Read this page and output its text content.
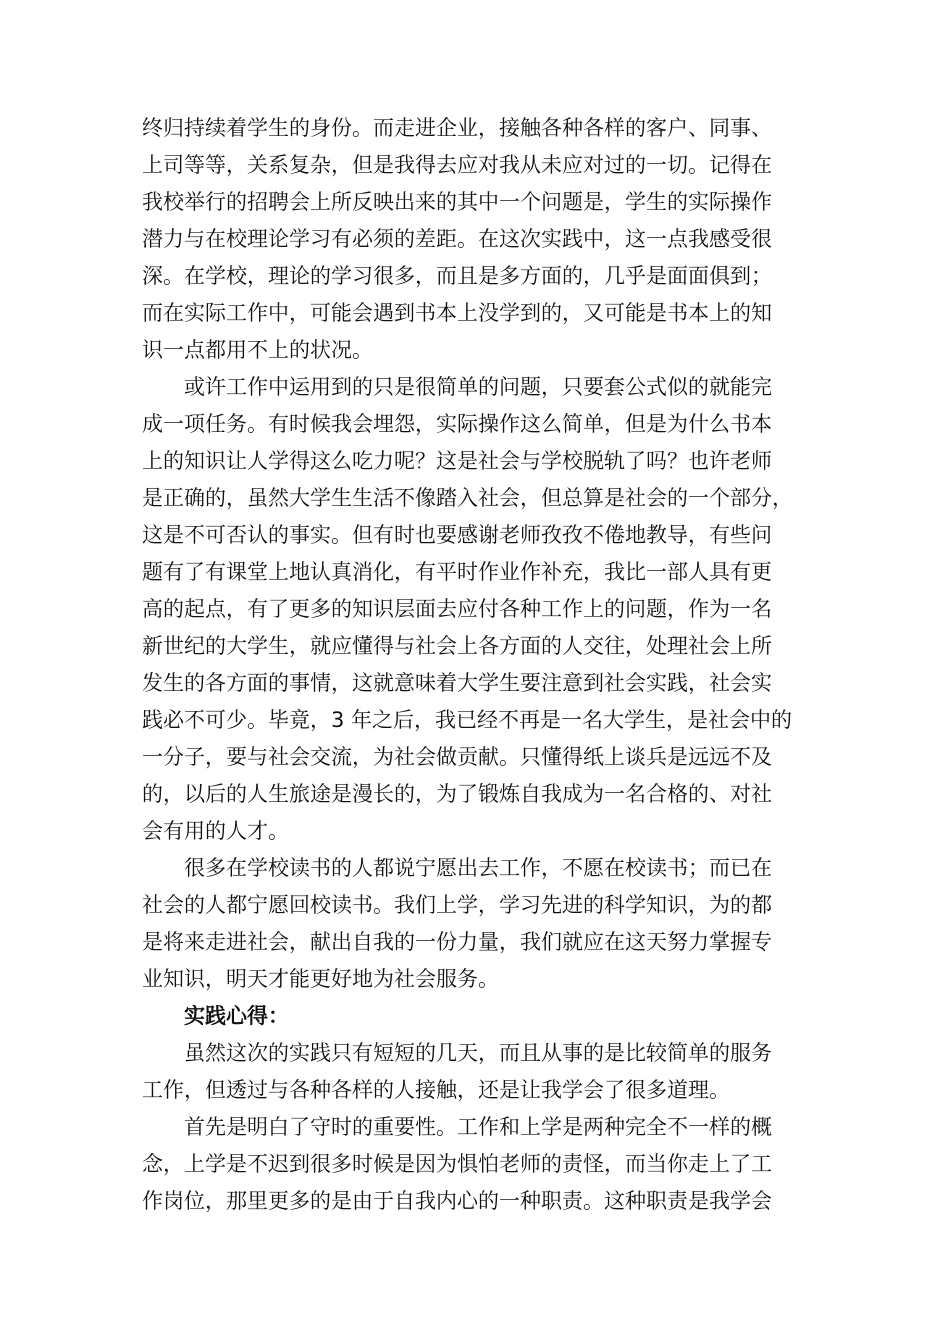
终归持续着学生的身份。而走进企业，接触各种各样的客户、同事、
上司等等，关系复杂，但是我得去应对我从未应对过的一切。记得在
我校举行的招聘会上所反映出来的其中一个问题是，学生的实际操作
潜力与在校理论学习有必须的差距。在这次实践中，这一点我感受很
深。在学校，理论的学习很多，而且是多方面的，几乎是面面俱到；
而在实际工作中，可能会遇到书本上没学到的，又可能是书本上的知
识一点都用不上的状况。
或许工作中运用到的只是很简单的问题，只要套公式似的就能完
成一项任务。有时候我会埋怨，实际操作这么简单，但是为什么书本
上的知识让人学得这么吃力呢？这是社会与学校脱轨了吗？也许老师
是正确的，虽然大学生生活不像踏入社会，但总算是社会的一个部分，
这是不可否认的事实。但有时也要感谢老师孜孜不倦地教导，有些问
题有了有课堂上地认真消化，有平时作业作补充，我比一部人具有更
高的起点，有了更多的知识层面去应付各种工作上的问题，作为一名
新世纪的大学生，就应懂得与社会上各方面的人交往，处理社会上所
发生的各方面的事情，这就意味着大学生要注意到社会实践，社会实
践必不可少。毕竟，3 年之后，我已经不再是一名大学生，是社会中的
一分子，要与社会交流，为社会做贡献。只懂得纸上谈兵是远远不及
的，以后的人生旅途是漫长的，为了锻炼自我成为一名合格的、对社
会有用的人才。
很多在学校读书的人都说宁愿出去工作，不愿在校读书；而已在
社会的人都宁愿回校读书。我们上学，学习先进的科学知识，为的都
是将来走进社会，献出自我的一份力量，我们就应在这天努力掌握专
业知识，明天才能更好地为社会服务。
实践心得：
虽然这次的实践只有短短的几天，而且从事的是比较简单的服务
工作，但透过与各种各样的人接触，还是让我学会了很多道理。
首先是明白了守时的重要性。工作和上学是两种完全不一样的概
念，上学是不迟到很多时候是因为惧怕老师的责怪，而当你走上了工
作岗位，那里更多的是由于自我内心的一种职责。这种职责是我学会
